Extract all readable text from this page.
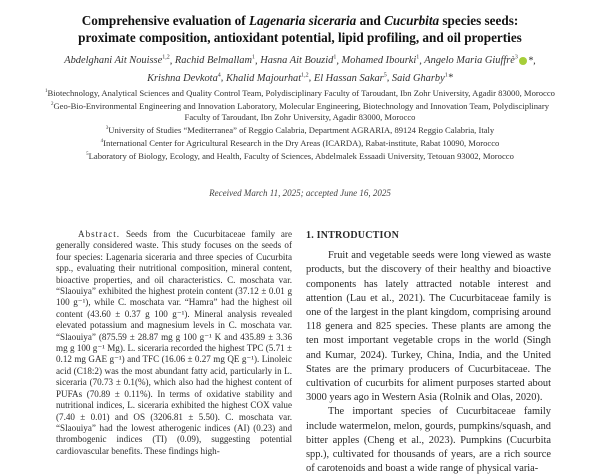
Comprehensive evaluation of Lagenaria siceraria and Cucurbita species seeds:
proximate composition, antioxidant potential, lipid profiling, and oil properties
Abdelghani Ait Nouisse$^{1,2}$, Rachid Belmallam$^1$, Hasna Ait Bouzid$^1$, Mohamed Ibourki$^1$, Angelo Maria Giuffrè$^3$ *,
Krishna Devkota$^4$, Khalid Majourhat$^{1,2}$, El Hassan Sakar$^5$, Said Gharby$^1$*
$^1$Biotechnology, Analytical Sciences and Quality Control Team, Polydisciplinary Faculty of Taroudant, Ibn Zohr University, Agadir 83000, Morocco
$^2$Geo-Bio-Environmental Engineering and Innovation Laboratory, Molecular Engineering, Biotechnology and Innovation Team, Polydisciplinary Faculty of Taroudant, Ibn Zohr University, Agadir 83000, Morocco
$^3$University of Studies “Mediterranea” of Reggio Calabria, Department AGRARIA, 89124 Reggio Calabria, Italy
$^4$International Center for Agricultural Research in the Dry Areas (ICARDA), Rabat-institute, Rabat 10090, Morocco
$^5$Laboratory of Biology, Ecology, and Health, Faculty of Sciences, Abdelmalek Essaadi University, Tetouan 93002, Morocco
Received March 11, 2025; accepted June 16, 2025

Abstract. Seeds from the Cucurbitaceae family are generally considered waste. This study focuses on the seeds of four species: Lagenaria siceraria and three species of Cucurbita spp., evaluating their nutritional composition, mineral content, bioactive properties, and oil characteristics. C. moschata var. “Slaouiya” exhibited the highest protein content (37.12 ± 0.01 g 100 g⁻¹), while C. moschata var. “Hamra” had the highest oil content (43.60 ± 0.37 g 100 g⁻¹). Mineral analysis revealed elevated potassium and magnesium levels in C. moschata var. “Slaouiya” (875.59 ± 28.87 mg g 100 g⁻¹ K and 435.89 ± 3.36 mg g 100 g⁻¹ Mg). L. siceraria recorded the highest TPC (5.71 ± 0.12 mg GAE g⁻¹) and TFC (16.06 ± 0.27 mg QE g⁻¹). Linoleic acid (C18:2) was the most abundant fatty acid, particularly in L. siceraria (70.73 ± 0.1(%), which also had the highest content of PUFAs (70.89 ± 0.11%). In terms of oxidative stability and nutritional indices, L. siceraria exhibited the highest COX value (7.40 ± 0.01) and OS (3206.81 ± 5.50). C. moschata var. “Slaouiya” had the lowest atherogenic indices (AI) (0.23) and thrombogenic indices (TI) (0.09), suggesting potential cardiovascular benefits. These findings high-

1. INTRODUCTION

Fruit and vegetable seeds were long viewed as waste products, but the discovery of their healthy and bioactive components has lately attracted notable interest and attention (Lau et al., 2021). The Cucurbitaceae family is one of the largest in the plant kingdom, comprising around 118 genera and 825 species. These plants are among the ten most important vegetable crops in the world (Singh and Kumar, 2024). Turkey, China, India, and the United States are the primary producers of Cucurbitaceae. The cultivation of cucurbits for aliment purposes started about 3000 years ago in Western Asia (Rolnik and Olas, 2020).

The important species of Cucurbitaceae family include watermelon, melon, gourds, pumpkins/squash, and bitter apples (Cheng et al., 2023). Pumpkins (Cucurbita spp.), cultivated for thousands of years, are a rich source of carotenoids and boast a wide range of physical varia-
